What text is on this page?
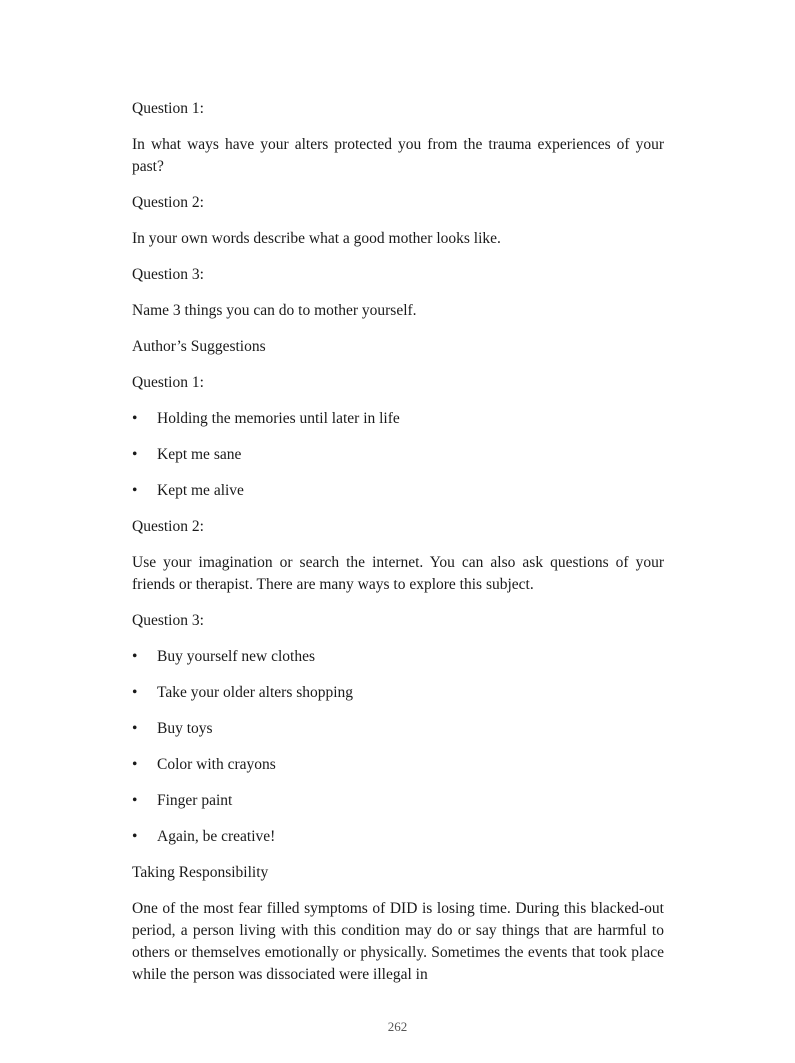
Question 1:

In what ways have your alters protected you from the trauma experiences of your past?

Question 2:

In your own words describe what a good mother looks like.

Question 3:

Name 3 things you can do to mother yourself.

Author’s Suggestions

Question 1:

• Holding the memories until later in life
• Kept me sane
• Kept me alive

Question 2:

Use your imagination or search the internet. You can also ask questions of your friends or therapist. There are many ways to explore this subject.

Question 3:

• Buy yourself new clothes
• Take your older alters shopping
• Buy toys
• Color with crayons
• Finger paint
• Again, be creative!

Taking Responsibility

One of the most fear filled symptoms of DID is losing time. During this blacked-out period, a person living with this condition may do or say things that are harmful to others or themselves emotionally or physically. Sometimes the events that took place while the person was dissociated were illegal in

262
